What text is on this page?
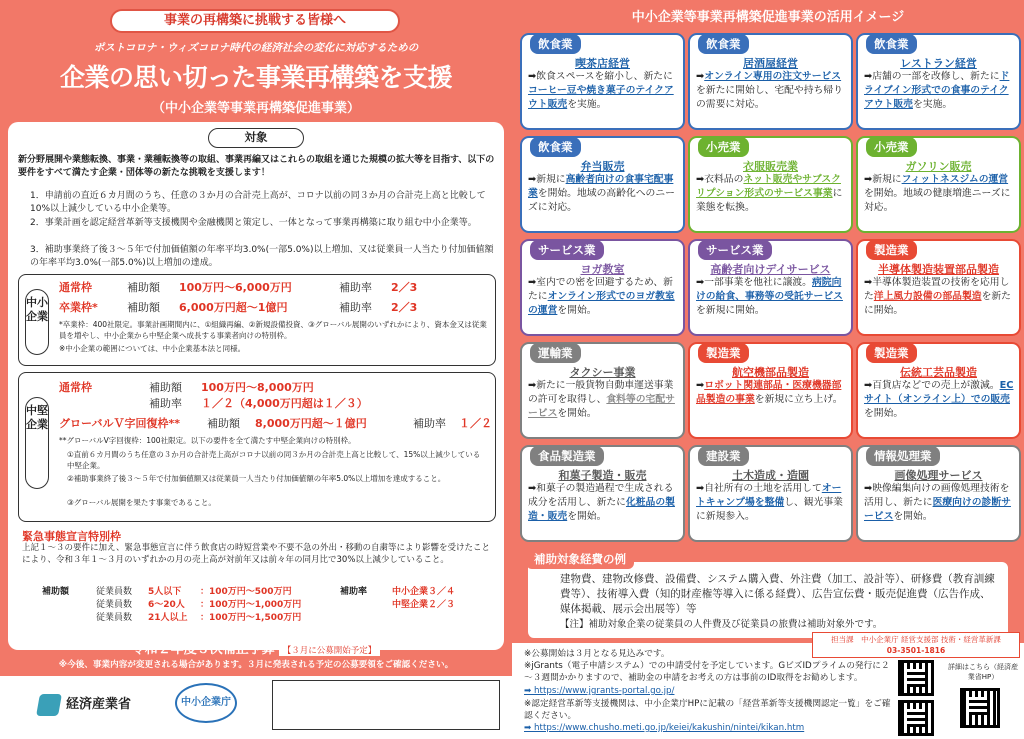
事業の再構築に挑戦する皆様へ
ポストコロナ・ウィズコロナ時代の経済社会の変化に対応するための
企業の思い切った事業再構築を支援
（中小企業等事業再構築促進事業）
対象
新分野展開や業態転換、事業・業種転換等の取組、事業再編又はこれらの取組を通じた規模の拡大等を目指す、以下の要件をすべて満たす企業・団体等の新たな挑戦を支援します！
1．申請前の直近６カ月間のうち、任意の３か月の合計売上高が、コロナ以前の同３か月の合計売上高と比較して10%以上減少している中小企業等。
2．事業計画を認定経営革新等支援機関や金融機関と策定し、一体となって事業再構築に取り組む中小企業等。
3．補助事業終了後３～５年で付加価値額の年率平均3.0%(一部5.0%)以上増加、又は従業員一人当たり付加価値額の年率平均3.0%(一部5.0%)以上増加の達成。
中小企業
通常枠	補助額 100万円～6,000万円	補助率 2／3
卒業枠*	補助額 6,000万円超～1億円	補助率 2／3
*卒業枠：400社限定。事業計画期間内に、①組織再編、②新規設備投資、③グローバル展開のいずれかにより、資本金又は従業員を増やし、中小企業から中堅企業へ成長する事業者向けの特別枠。
※中小企業の範囲については、中小企業基本法と同様。
中堅企業
通常枠	補助額 100万円～8,000万円
補助率 １／２（4,000万円超は１／３）
グローバルＶ字回復枠** 補助額 8,000万円超～１億円	補助率 １／２
**グローバルV字回復枠：100社限定。以下の要件を全て満たす中堅企業向けの特別枠。
①直前６カ月間のうち任意の３か月の合計売上高がコロナ以前の同３か月の合計売上高と比較して、15%以上減少している中堅企業。
②補助事業終了後３～５年で付加価値額又は従業員一人当たり付加価値額の年率5.0%以上増加を達成すること。
③グローバル展開を果たす事業であること。
緊急事態宣言特別枠
上記１～３の要件に加え、緊急事態宣言に伴う飲食店の時短営業や不要不急の外出・移動の自粛等により影響を受けたことにより、令和３年１～３月のいずれかの月の売上高が対前年又は前々年の同月比で30%以上減少していること。
補助額	従業員数 5人以下 ：100万円～500万円
従業員数 6～20人 ：100万円～1,000万円
従業員数 21人以上 ：100万円～1,500万円
補助率	中小企業３／４
中堅企業２／３
令和２年度３次補正予算 【３月に公募開始予定】
※今後、事業内容が変更される場合があります。３月に発表される予定の公募要領をご確認ください。
経済産業省	中小企業庁
中小企業等事業再構築促進事業の活用イメージ
飲食業
喫茶店経営
➡飲食スペースを縮小し、新たにコーヒー豆や焼き菓子のテイクアウト販売を実施。
飲食業
居酒屋経営
➡オンライン専用の注文サービスを新たに開始し、宅配や持ち帰りの需要に対応。
飲食業
レストラン経営
➡店舗の一部を改修し、新たにドライブイン形式での食事のテイクアウト販売を実施。
飲食業
弁当販売
➡新規に高齢者向けの食事宅配事業を開始。地域の高齢化へのニーズに対応。
小売業
衣服販売業
➡衣料品のネット販売やサブスクリプション形式のサービス事業に業態を転換。
小売業
ガソリン販売
➡新規にフィットネスジムの運営を開始。地域の健康増進ニーズに対応。
サービス業
ヨガ教室
➡室内での密を回避するため、新たにオンライン形式でのヨガ教室の運営を開始。
サービス業
高齢者向けデイサービス
➡一部事業を他社に譲渡。病院向けの給食、事務等の受託サービスを新規に開始。
製造業
半導体製造装置部品製造
➡半導体製造装置の技術を応用した洋上風力設備の部品製造を新たに開始。
運輸業
タクシー事業
➡新たに一般貨物自動車運送事業の許可を取得し、食料等の宅配サービスを開始。
製造業
航空機部品製造
➡ロボット関連部品・医療機器部品製造の事業を新規に立ち上げ。
製造業
伝統工芸品製造
➡百貨店などでの売上が激減。ECサイト（オンライン上）での販売を開始。
食品製造業
和菓子製造・販売
➡和菓子の製造過程で生成される成分を活用し、新たに化粧品の製造・販売を開始。
建設業
土木造成・造園
➡自社所有の土地を活用してオートキャンプ場を整備し、観光事業に新規参入。
情報処理業
画像処理サービス
➡映像編集向けの画像処理技術を活用し、新たに医療向けの診断サービスを開始。
補助対象経費の例
建物費、建物改修費、設備費、システム購入費、外注費（加工、設計等）、研修費（教育訓練費等）、技術導入費（知的財産権等導入に係る経費）、広告宣伝費・販売促進費（広告作成、媒体掲載、展示会出展等）等
【注】補助対象企業の従業員の人件費及び従業員の旅費は補助対象外です。
担当課　 中小企業庁 経営支援部 技術・経営革新課
03-3501-1816
※公募開始は３月となる見込みです。
※jGrants（電子申請システム）での申請受付を予定しています。GビズIDプライムの発行に２～３週間かかりますので、補助金の申請をお考えの方は事前のID取得をお勧めします。
➡ https://www.jgrants-portal.go.jp/
※認定経営革新等支援機関は、中小企業庁HPに記載の「経営革新等支援機関認定一覧」をご確認ください。
➡ https://www.chusho.meti.go.jp/keiei/kakushin/nintei/kikan.htm
詳細はこちら（経済産業省HP）
